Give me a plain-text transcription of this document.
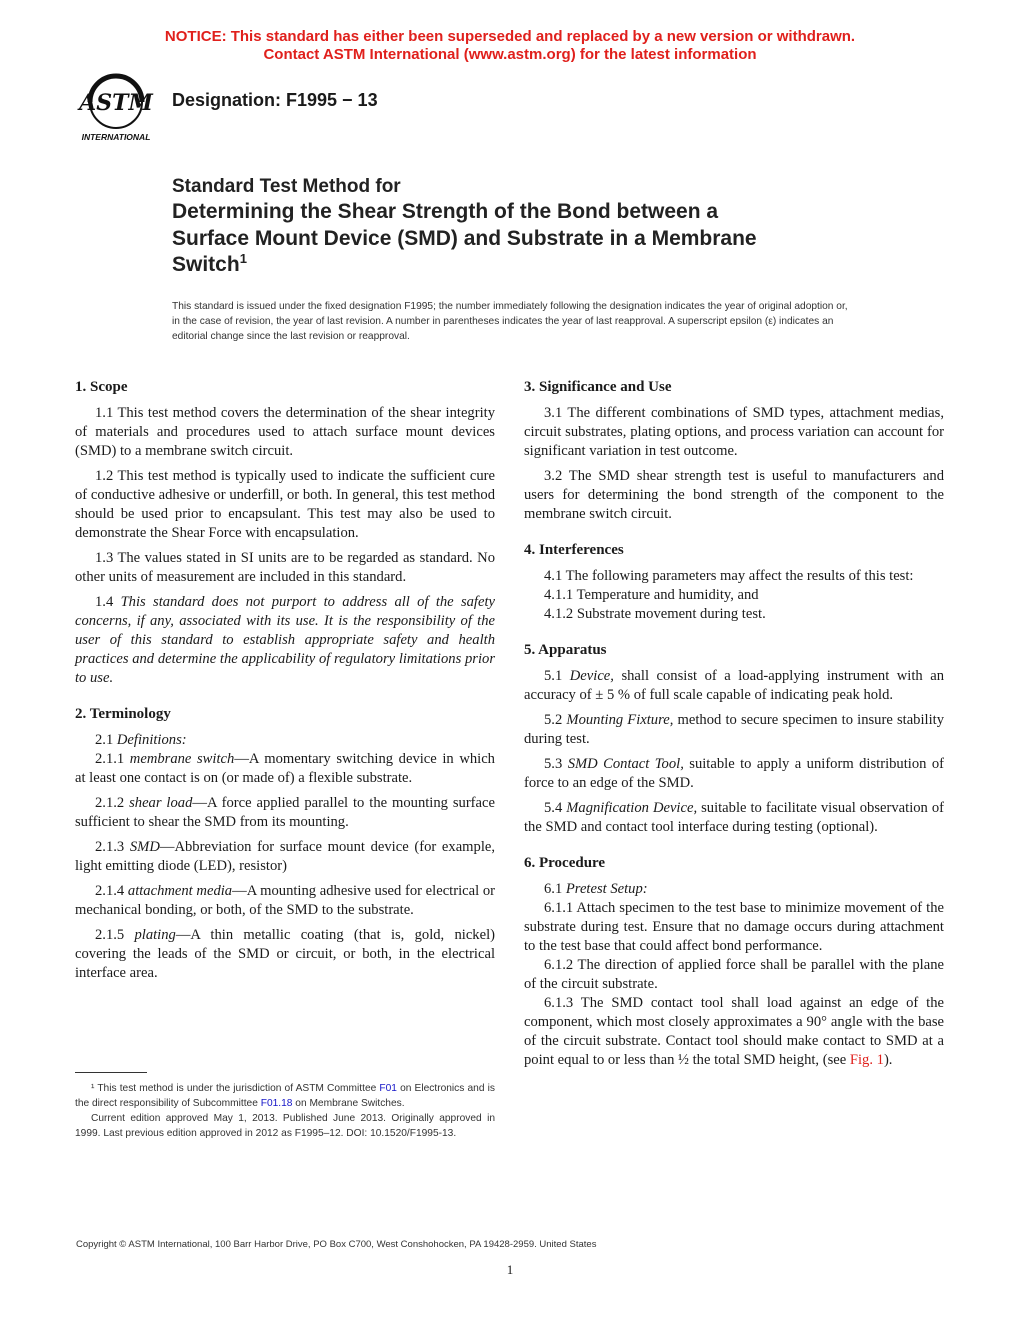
NOTICE: This standard has either been superseded and replaced by a new version or withdrawn.
Contact ASTM International (www.astm.org) for the latest information
ASTM
INTERNATIONAL
Designation: F1995 − 13
Standard Test Method for
Determining the Shear Strength of the Bond between a
Surface Mount Device (SMD) and Substrate in a Membrane
Switch$^1$
This standard is issued under the fixed designation F1995; the number immediately following the designation indicates the year of original adoption or, in the case of revision, the year of last revision. A number in parentheses indicates the year of last reapproval. A superscript epsilon (ε) indicates an editorial change since the last revision or reapproval.
1. Scope

1.1 This test method covers the determination of the shear integrity of materials and procedures used to attach surface mount devices (SMD) to a membrane switch circuit.

1.2 This test method is typically used to indicate the sufficient cure of conductive adhesive or underfill, or both. In general, this test method should be used prior to encapsulant. This test may also be used to demonstrate the Shear Force with encapsulation.

1.3 The values stated in SI units are to be regarded as standard. No other units of measurement are included in this standard.

1.4 This standard does not purport to address all of the safety concerns, if any, associated with its use. It is the responsibility of the user of this standard to establish appropriate safety and health practices and determine the applicability of regulatory limitations prior to use.

2. Terminology

2.1 Definitions:

2.1.1 membrane switch—A momentary switching device in which at least one contact is on (or made of) a flexible substrate.

2.1.2 shear load—A force applied parallel to the mounting surface sufficient to shear the SMD from its mounting.

2.1.3 SMD—Abbreviation for surface mount device (for example, light emitting diode (LED), resistor)

2.1.4 attachment media—A mounting adhesive used for electrical or mechanical bonding, or both, of the SMD to the substrate.

2.1.5 plating—A thin metallic coating (that is, gold, nickel) covering the leads of the SMD or circuit, or both, in the electrical interface area.

3. Significance and Use

3.1 The different combinations of SMD types, attachment medias, circuit substrates, plating options, and process variation can account for significant variation in test outcome.

3.2 The SMD shear strength test is useful to manufacturers and users for determining the bond strength of the component to the membrane switch circuit.

4. Interferences

4.1 The following parameters may affect the results of this test:

4.1.1 Temperature and humidity, and

4.1.2 Substrate movement during test.

5. Apparatus

5.1 Device, shall consist of a load-applying instrument with an accuracy of ± 5 % of full scale capable of indicating peak hold.

5.2 Mounting Fixture, method to secure specimen to insure stability during test.

5.3 SMD Contact Tool, suitable to apply a uniform distribution of force to an edge of the SMD.

5.4 Magnification Device, suitable to facilitate visual observation of the SMD and contact tool interface during testing (optional).

6. Procedure

6.1 Pretest Setup:

6.1.1 Attach specimen to the test base to minimize movement of the substrate during test. Ensure that no damage occurs during attachment to the test base that could affect bond performance.

6.1.2 The direction of applied force shall be parallel with the plane of the circuit substrate.

6.1.3 The SMD contact tool shall load against an edge of the component, which most closely approximates a 90° angle with the base of the circuit substrate. Contact tool should make contact to SMD at a point equal to or less than ½ the total SMD height, (see Fig. 1).

¹ This test method is under the jurisdiction of ASTM Committee F01 on Electronics and is the direct responsibility of Subcommittee F01.18 on Membrane Switches.

Current edition approved May 1, 2013. Published June 2013. Originally approved in 1999. Last previous edition approved in 2012 as F1995–12. DOI: 10.1520/F1995-13.

Copyright © ASTM International, 100 Barr Harbor Drive, PO Box C700, West Conshohocken, PA 19428-2959. United States
1
